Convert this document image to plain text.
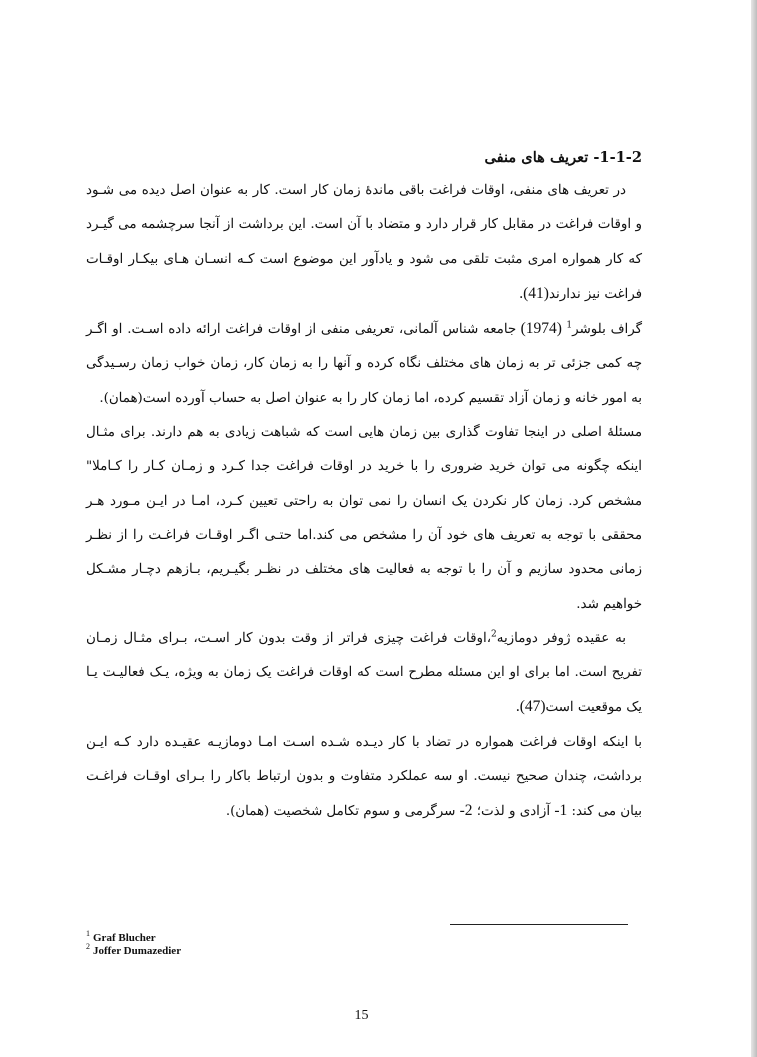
1-1-2- تعریف های منفی

در تعریف های منفی، اوقات فراغت باقی ماندهٔ زمان کار است. کار به عنوان اصل دیده می شـود و اوقات فراغت در مقابل کار قرار دارد و متضاد با آن است. این برداشت از آنجا سرچشمه می گیـرد که کار همواره امری مثبت تلقی می شود و یادآور این موضوع است کـه انسـان هـای بیکـار اوقـات فراغت نیز ندارند(41).

گراف بلوشر$^1$ (1974) جامعه شناس آلمانی، تعریفی منفی از اوقات فراغت ارائه داده اسـت. او اگـر چه کمی جزئی تر به زمان های مختلف نگاه کرده و آنها را به زمان کار، زمان خواب زمان رسـیدگی به امور خانه و زمان آزاد تقسیم کرده، اما زمان کار را به عنوان اصل به حساب آورده است(همان).

مسئلهٔ اصلی در اینجا تفاوت گذاری بین زمان هایی است که شباهت زیادی به هم دارند. برای مثـال اینکه چگونه می توان خرید ضروری را با خرید در اوقات فراغت جدا کـرد و زمـان کـار را کـاملا" مشخص کرد. زمان کار نکردن یک انسان را نمی توان به راحتی تعیین کـرد، امـا در ایـن مـورد هـر محققی با توجه به تعریف های خود آن را مشخص می کند.اما حتـی اگـر اوقـات فراغـت را از نظـر زمانی محدود سازیم و آن را با توجه به فعالیت های مختلف در نظـر بگیـریم، بـازهم دچـار مشـکل خواهیم شد.

به عقیده ژوفر دومازیه$^2$،اوقات فراغت چیزی فراتر از وقت بدون کار اسـت، بـرای مثـال زمـان تفریح است. اما برای او این مسئله مطرح است که اوقات فراغت یک زمان به ویژه، یـک فعالیـت یـا یک موقعیت است(47).

با اینکه اوقات فراغت همواره در تضاد با کار دیـده شـده اسـت امـا دومازیـه عقیـده دارد کـه ایـن برداشت، چندان صحیح نیست. او سه عملکرد متفاوت و بدون ارتباط باکار را بـرای اوقـات فراغـت بیان می کند: 1- آزادی و لذت؛ 2- سرگرمی و سوم تکامل شخصیت (همان).

$^1$ Graf Blucher
$^2$ Joffer Dumazedier
15
